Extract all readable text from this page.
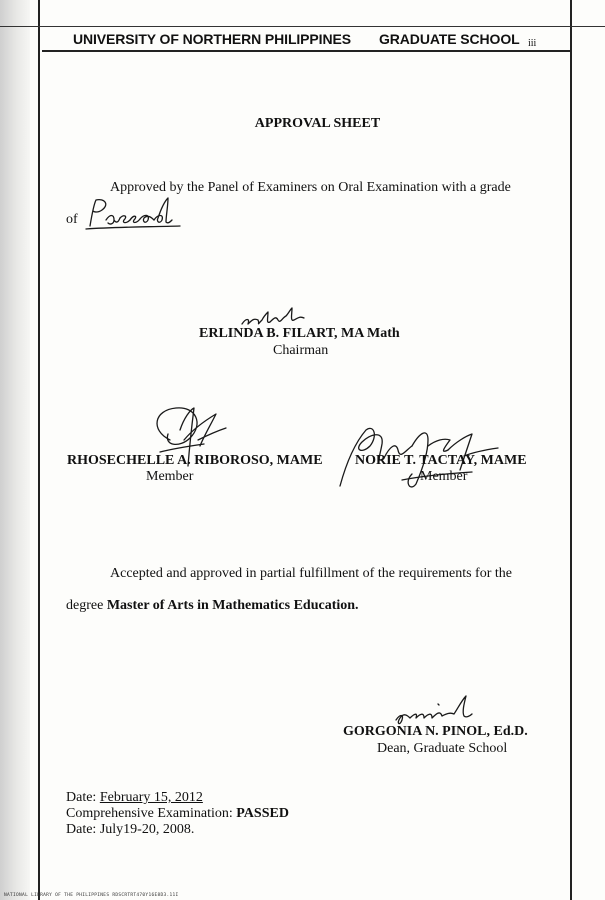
UNIVERSITY OF NORTHERN PHILIPPINES GRADUATE SCHOOL iii
APPROVAL SHEET
Approved by the Panel of Examiners on Oral Examination with a grade
of
ERLINDA B. FILART, MA Math
Chairman
RHOSECHELLE A. RIBOROSO, MAME
Member
NORIE T. TACTAY, MAME
Member
Accepted and approved in partial fulfillment of the requirements for the
degree Master of Arts in Mathematics Education.
GORGONIA N. PINOL, Ed.D.
Dean, Graduate School
Date: February 15, 2012
Comprehensive Examination: PASSED
Date: July19-20, 2008.
NATIONAL LIBRARY OF THE PHILIPPINES RDSCRTRT470Y16E8D3.11I
